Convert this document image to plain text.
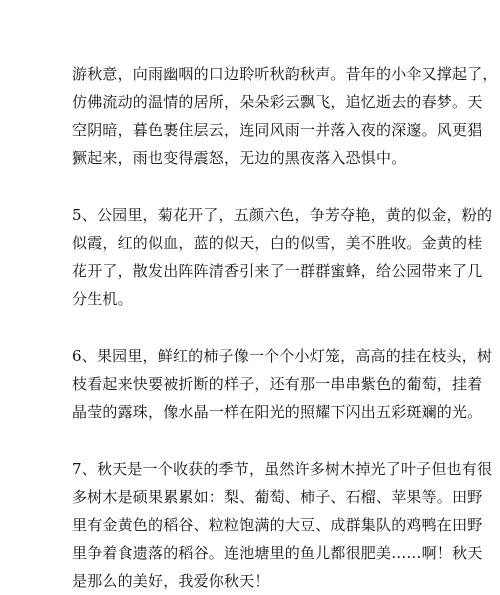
游秋意，向雨幽咽的口边聆听秋韵秋声。昔年的小伞又撑起了，
仿佛流动的温情的居所，朵朵彩云飘飞，追忆逝去的春梦。天
空阴暗，暮色裹住层云，连同风雨一并落入夜的深邃。风更猖
獗起来，雨也变得震怒，无边的黑夜落入恐惧中。
5、公园里，菊花开了，五颜六色，争芳夺艳，黄的似金，粉的
似霞，红的似血，蓝的似天，白的似雪，美不胜收。金黄的桂
花开了，散发出阵阵清香引来了一群群蜜蜂，给公园带来了几
分生机。
6、果园里，鲜红的柿子像一个个小灯笼，高高的挂在枝头，树
枝看起来快要被折断的样子，还有那一串串紫色的葡萄，挂着
晶莹的露珠，像水晶一样在阳光的照耀下闪出五彩斑斓的光。
7、秋天是一个收获的季节，虽然许多树木掉光了叶子但也有很
多树木是硕果累累如：梨、葡萄、柿子、石榴、苹果等。田野
里有金黄色的稻谷、粒粒饱满的大豆、成群集队的鸡鸭在田野
里争着食遗落的稻谷。连池塘里的鱼儿都很肥美……啊！秋天
是那么的美好，我爱你秋天！
